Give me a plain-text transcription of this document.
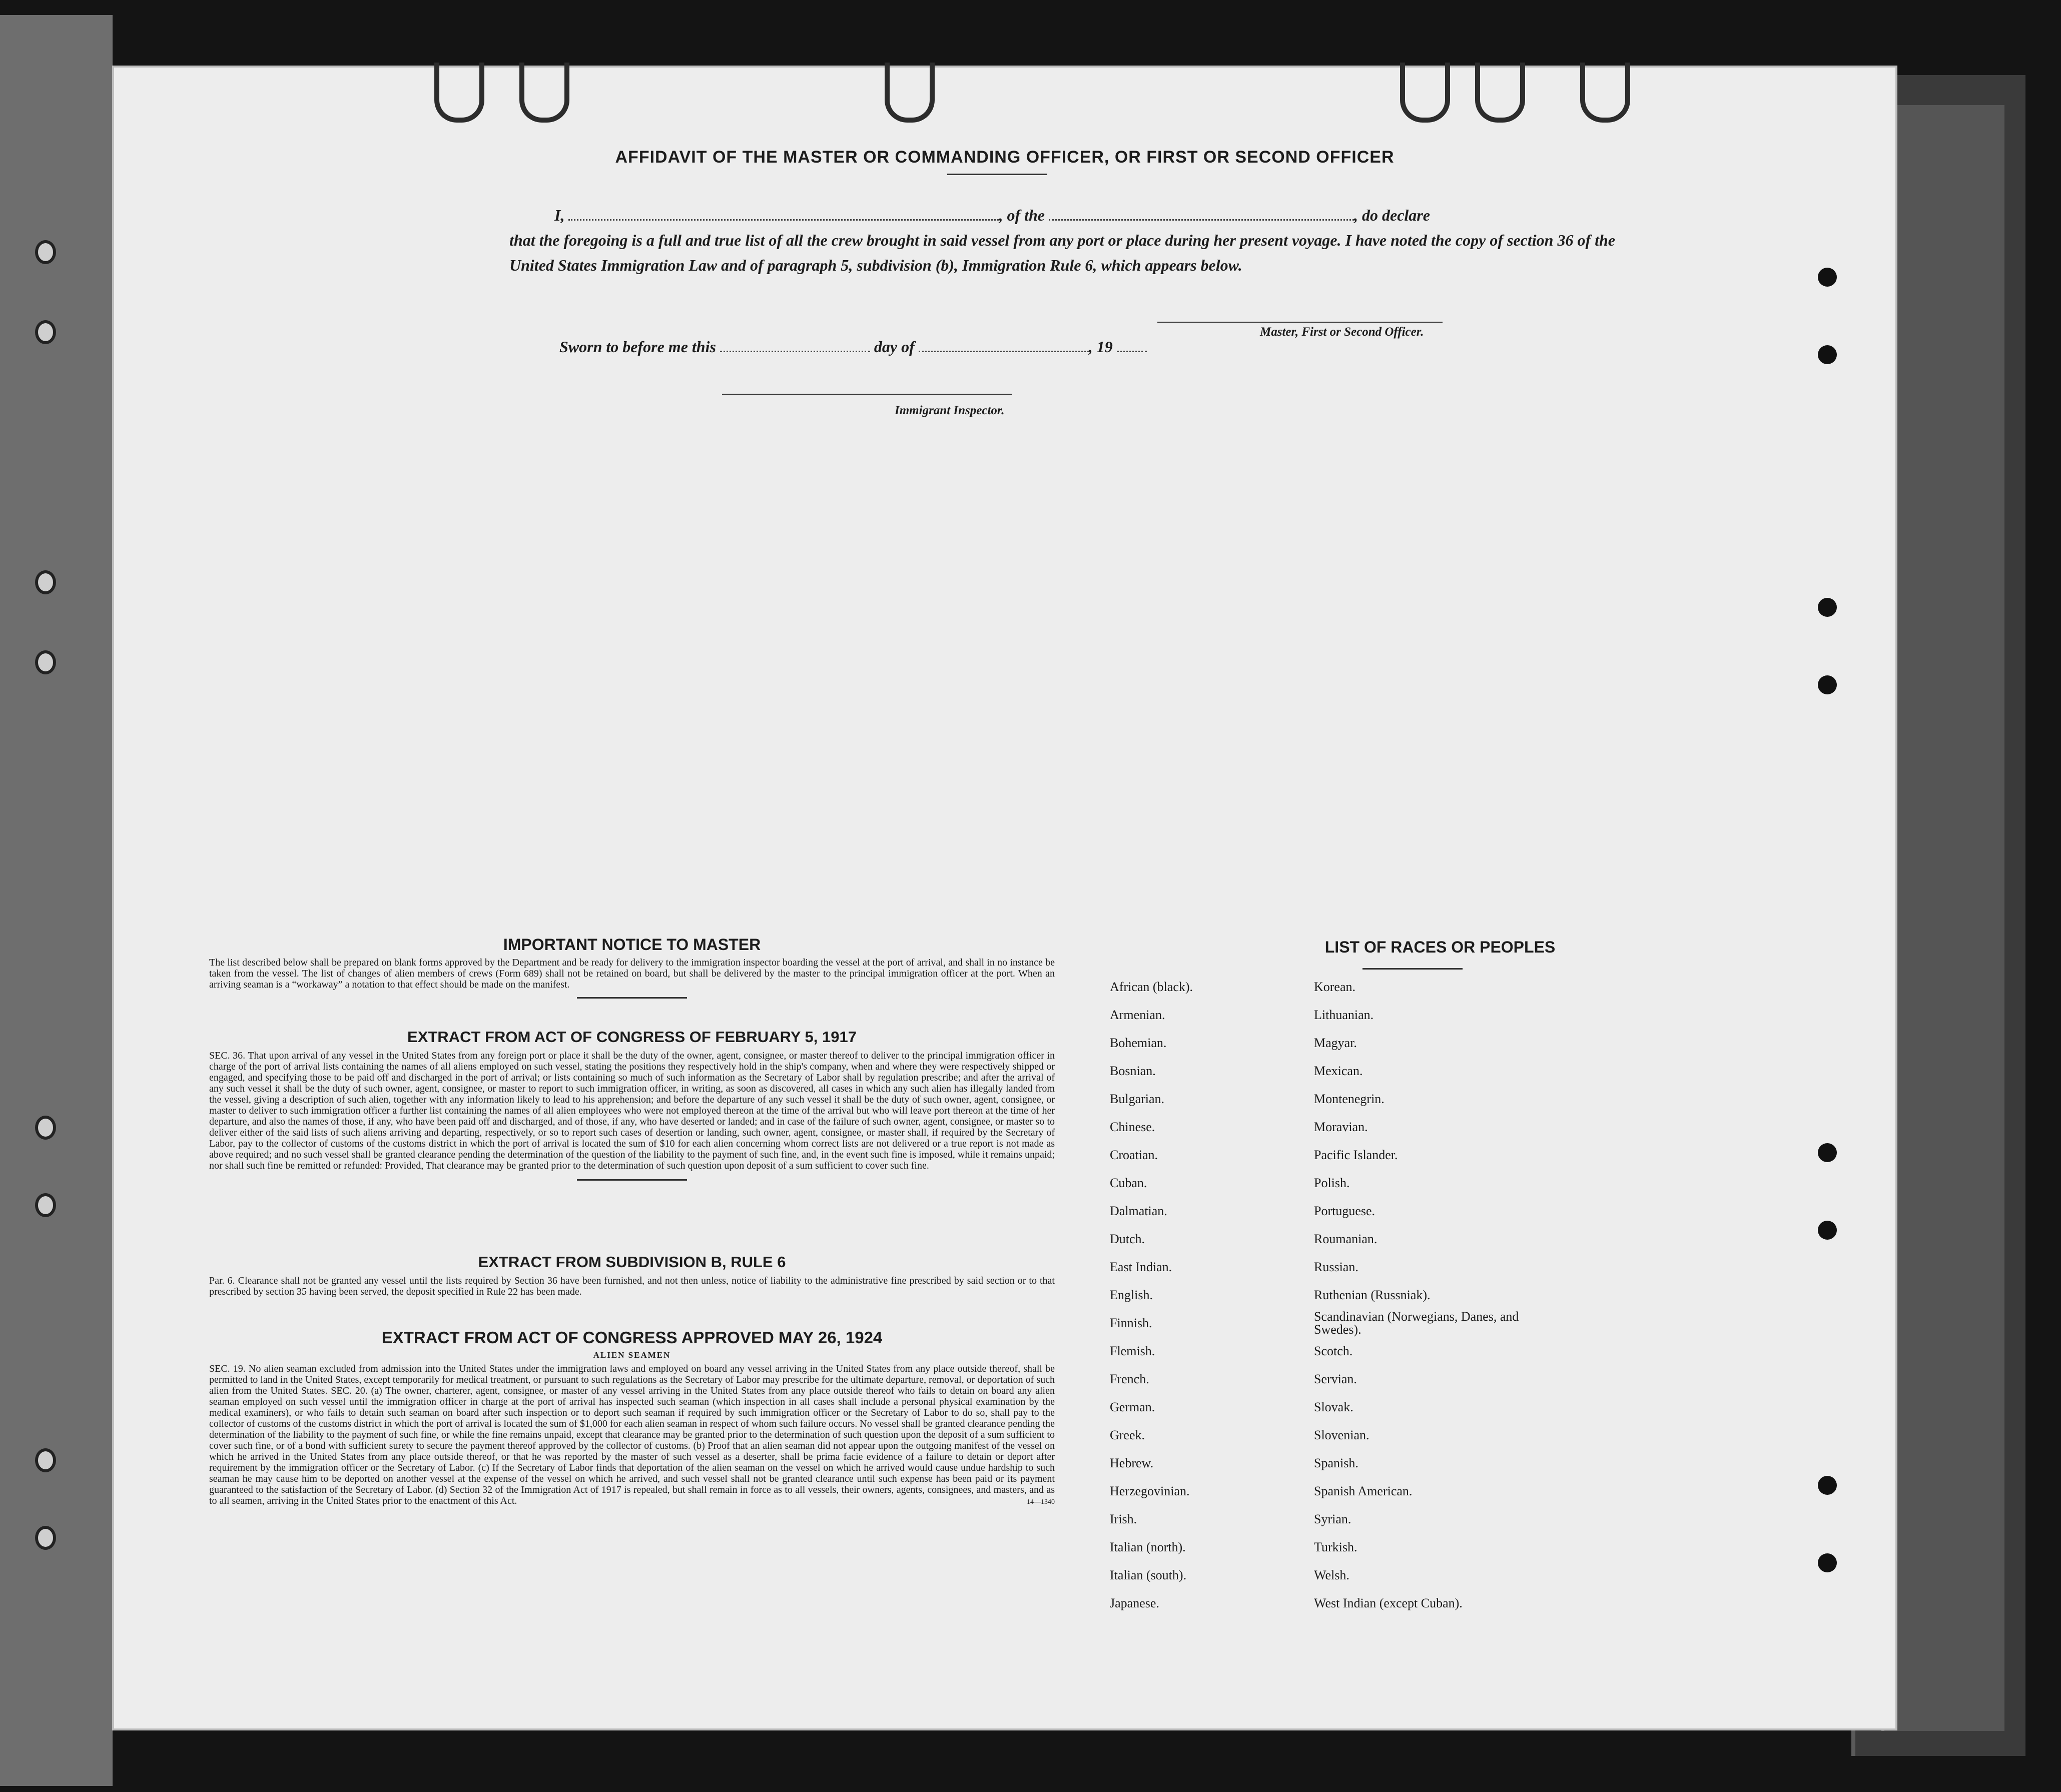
AFFIDAVIT OF THE MASTER OR COMMANDING OFFICER, OR FIRST OR SECOND OFFICER
I,	, of the	, do declare
that the foregoing is a full and true list of all the crew brought in said vessel from any port or place during her present voyage. I have noted the copy of section 36 of the United States Immigration Law and of paragraph 5, subdivision (b), Immigration Rule 6, which appears below.
Master, First or Second Officer.
Sworn to before me this	day of	, 19
Immigrant Inspector.
IMPORTANT NOTICE TO MASTER
The list described below shall be prepared on blank forms approved by the Department and be ready for delivery to the immigration inspector boarding the vessel at the port of arrival, and shall in no instance be taken from the vessel. The list of changes of alien members of crews (Form 689) shall not be retained on board, but shall be delivered by the master to the principal immigration officer at the port. When an arriving seaman is a “workaway” a notation to that effect should be made on the manifest.
EXTRACT FROM ACT OF CONGRESS OF FEBRUARY 5, 1917
SEC. 36. That upon arrival of any vessel in the United States from any foreign port or place it shall be the duty of the owner, agent, consignee, or master thereof to deliver to the principal immigration officer in charge of the port of arrival lists containing the names of all aliens employed on such vessel, stating the positions they respectively hold in the ship's company, when and where they were respectively shipped or engaged, and specifying those to be paid off and discharged in the port of arrival; or lists containing so much of such information as the Secretary of Labor shall by regulation prescribe; and after the arrival of any such vessel it shall be the duty of such owner, agent, consignee, or master to report to such immigration officer, in writing, as soon as discovered, all cases in which any such alien has illegally landed from the vessel, giving a description of such alien, together with any information likely to lead to his apprehension; and before the departure of any such vessel it shall be the duty of such owner, agent, consignee, or master to deliver to such immigration officer a further list containing the names of all alien employees who were not employed thereon at the time of the arrival but who will leave port thereon at the time of her departure, and also the names of those, if any, who have been paid off and discharged, and of those, if any, who have deserted or landed; and in case of the failure of such owner, agent, consignee, or master so to deliver either of the said lists of such aliens arriving and departing, respectively, or so to report such cases of desertion or landing, such owner, agent, consignee, or master shall, if required by the Secretary of Labor, pay to the collector of customs of the customs district in which the port of arrival is located the sum of $10 for each alien concerning whom correct lists are not delivered or a true report is not made as above required; and no such vessel shall be granted clearance pending the determination of the question of the liability to the payment of such fine, and, in the event such fine is imposed, while it remains unpaid; nor shall such fine be remitted or refunded: Provided, That clearance may be granted prior to the determination of such question upon deposit of a sum sufficient to cover such fine.
EXTRACT FROM SUBDIVISION B, RULE 6
Par. 6. Clearance shall not be granted any vessel until the lists required by Section 36 have been furnished, and not then unless, notice of liability to the administrative fine prescribed by said section or to that prescribed by section 35 having been served, the deposit specified in Rule 22 has been made.
EXTRACT FROM ACT OF CONGRESS APPROVED MAY 26, 1924
ALIEN SEAMEN
SEC. 19. No alien seaman excluded from admission into the United States under the immigration laws and employed on board any vessel arriving in the United States from any place outside thereof, shall be permitted to land in the United States, except temporarily for medical treatment, or pursuant to such regulations as the Secretary of Labor may prescribe for the ultimate departure, removal, or deportation of such alien from the United States. SEC. 20. (a) The owner, charterer, agent, consignee, or master of any vessel arriving in the United States from any place outside thereof who fails to detain on board any alien seaman employed on such vessel until the immigration officer in charge at the port of arrival has inspected such seaman (which inspection in all cases shall include a personal physical examination by the medical examiners), or who fails to detain such seaman on board after such inspection or to deport such seaman if required by such immigration officer or the Secretary of Labor to do so, shall pay to the collector of customs of the customs district in which the port of arrival is located the sum of $1,000 for each alien seaman in respect of whom such failure occurs. No vessel shall be granted clearance pending the determination of the liability to the payment of such fine, or while the fine remains unpaid, except that clearance may be granted prior to the determination of such question upon the deposit of a sum sufficient to cover such fine, or of a bond with sufficient surety to secure the payment thereof approved by the collector of customs. (b) Proof that an alien seaman did not appear upon the outgoing manifest of the vessel on which he arrived in the United States from any place outside thereof, or that he was reported by the master of such vessel as a deserter, shall be prima facie evidence of a failure to detain or deport after requirement by the immigration officer or the Secretary of Labor. (c) If the Secretary of Labor finds that deportation of the alien seaman on the vessel on which he arrived would cause undue hardship to such seaman he may cause him to be deported on another vessel at the expense of the vessel on which he arrived, and such vessel shall not be granted clearance until such expense has been paid or its payment guaranteed to the satisfaction of the Secretary of Labor. (d) Section 32 of the Immigration Act of 1917 is repealed, but shall remain in force as to all vessels, their owners, agents, consignees, and masters, and as to all seamen, arriving in the United States prior to the enactment of this Act.	14—1340
LIST OF RACES OR PEOPLES
African (black).	Korean.
Armenian.	Lithuanian.
Bohemian.	Magyar.
Bosnian.	Mexican.
Bulgarian.	Montenegrin.
Chinese.	Moravian.
Croatian.	Pacific Islander.
Cuban.	Polish.
Dalmatian.	Portuguese.
Dutch.	Roumanian.
East Indian.	Russian.
English.	Ruthenian (Russniak).
Finnish.	Scandinavian (Norwegians, Danes, and Swedes).
Flemish.	Scotch.
French.	Servian.
German.	Slovak.
Greek.	Slovenian.
Hebrew.	Spanish.
Herzegovinian.	Spanish American.
Irish.	Syrian.
Italian (north).	Turkish.
Italian (south).	Welsh.
Japanese.	West Indian (except Cuban).
